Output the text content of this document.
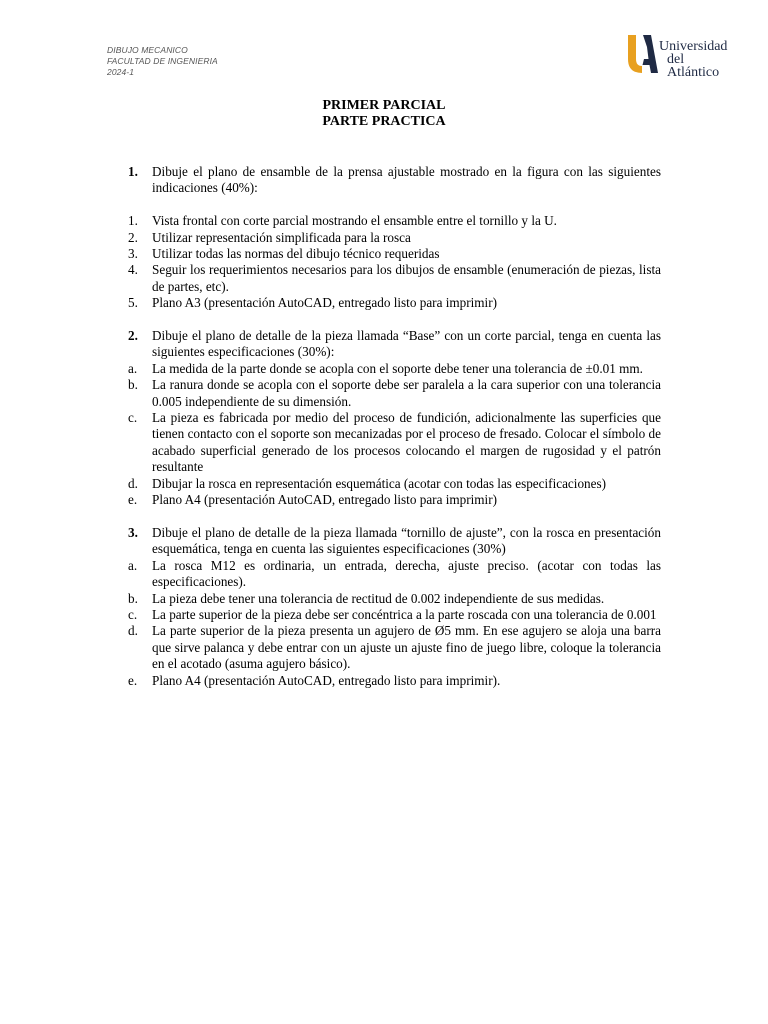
DIBUJO MECANICO
FACULTAD DE INGENIERIA
2024-1
Universidad
del Atlántico
PRIMER PARCIAL
PARTE PRACTICA
1.	Dibuje el plano de ensamble de la prensa ajustable mostrado en la figura con las siguientes indicaciones (40%):
1.	Vista frontal con corte parcial mostrando el ensamble entre el tornillo y la U.
2.	Utilizar representación simplificada para la rosca
3.	Utilizar todas las normas del dibujo técnico requeridas
4.	Seguir los requerimientos necesarios para los dibujos de ensamble (enumeración de piezas, lista de partes, etc).
5.	Plano A3 (presentación AutoCAD, entregado listo para imprimir)
2.	Dibuje el plano de detalle de la pieza llamada “Base” con un corte parcial, tenga en cuenta las siguientes especificaciones (30%):
a.	La medida de la parte donde se acopla con el soporte debe tener una tolerancia de ±0.01 mm.
b.	La ranura donde se acopla con el soporte debe ser paralela a la cara superior con una tolerancia 0.005 independiente de su dimensión.
c.	La pieza es fabricada por medio del proceso de fundición, adicionalmente las superficies que tienen contacto con el soporte son mecanizadas por el proceso de fresado. Colocar el símbolo de acabado superficial generado de los procesos colocando el margen de rugosidad y el patrón resultante
d.	Dibujar la rosca en representación esquemática (acotar con todas las especificaciones)
e.	Plano A4 (presentación AutoCAD, entregado listo para imprimir)
3.	Dibuje el plano de detalle de la pieza llamada “tornillo de ajuste”, con la rosca en presentación esquemática, tenga en cuenta las siguientes especificaciones (30%)
a.	La rosca M12 es ordinaria, un entrada, derecha, ajuste preciso. (acotar con todas las especificaciones).
b.	La pieza debe tener una tolerancia de rectitud de 0.002 independiente de sus medidas.
c.	La parte superior de la pieza debe ser concéntrica a la parte roscada con una tolerancia de 0.001
d.	La parte superior de la pieza presenta un agujero de Ø5 mm. En ese agujero se aloja una barra que sirve palanca y debe entrar con un ajuste un ajuste fino de juego libre, coloque la tolerancia en el acotado (asuma agujero básico).
e.	Plano A4 (presentación AutoCAD, entregado listo para imprimir).
